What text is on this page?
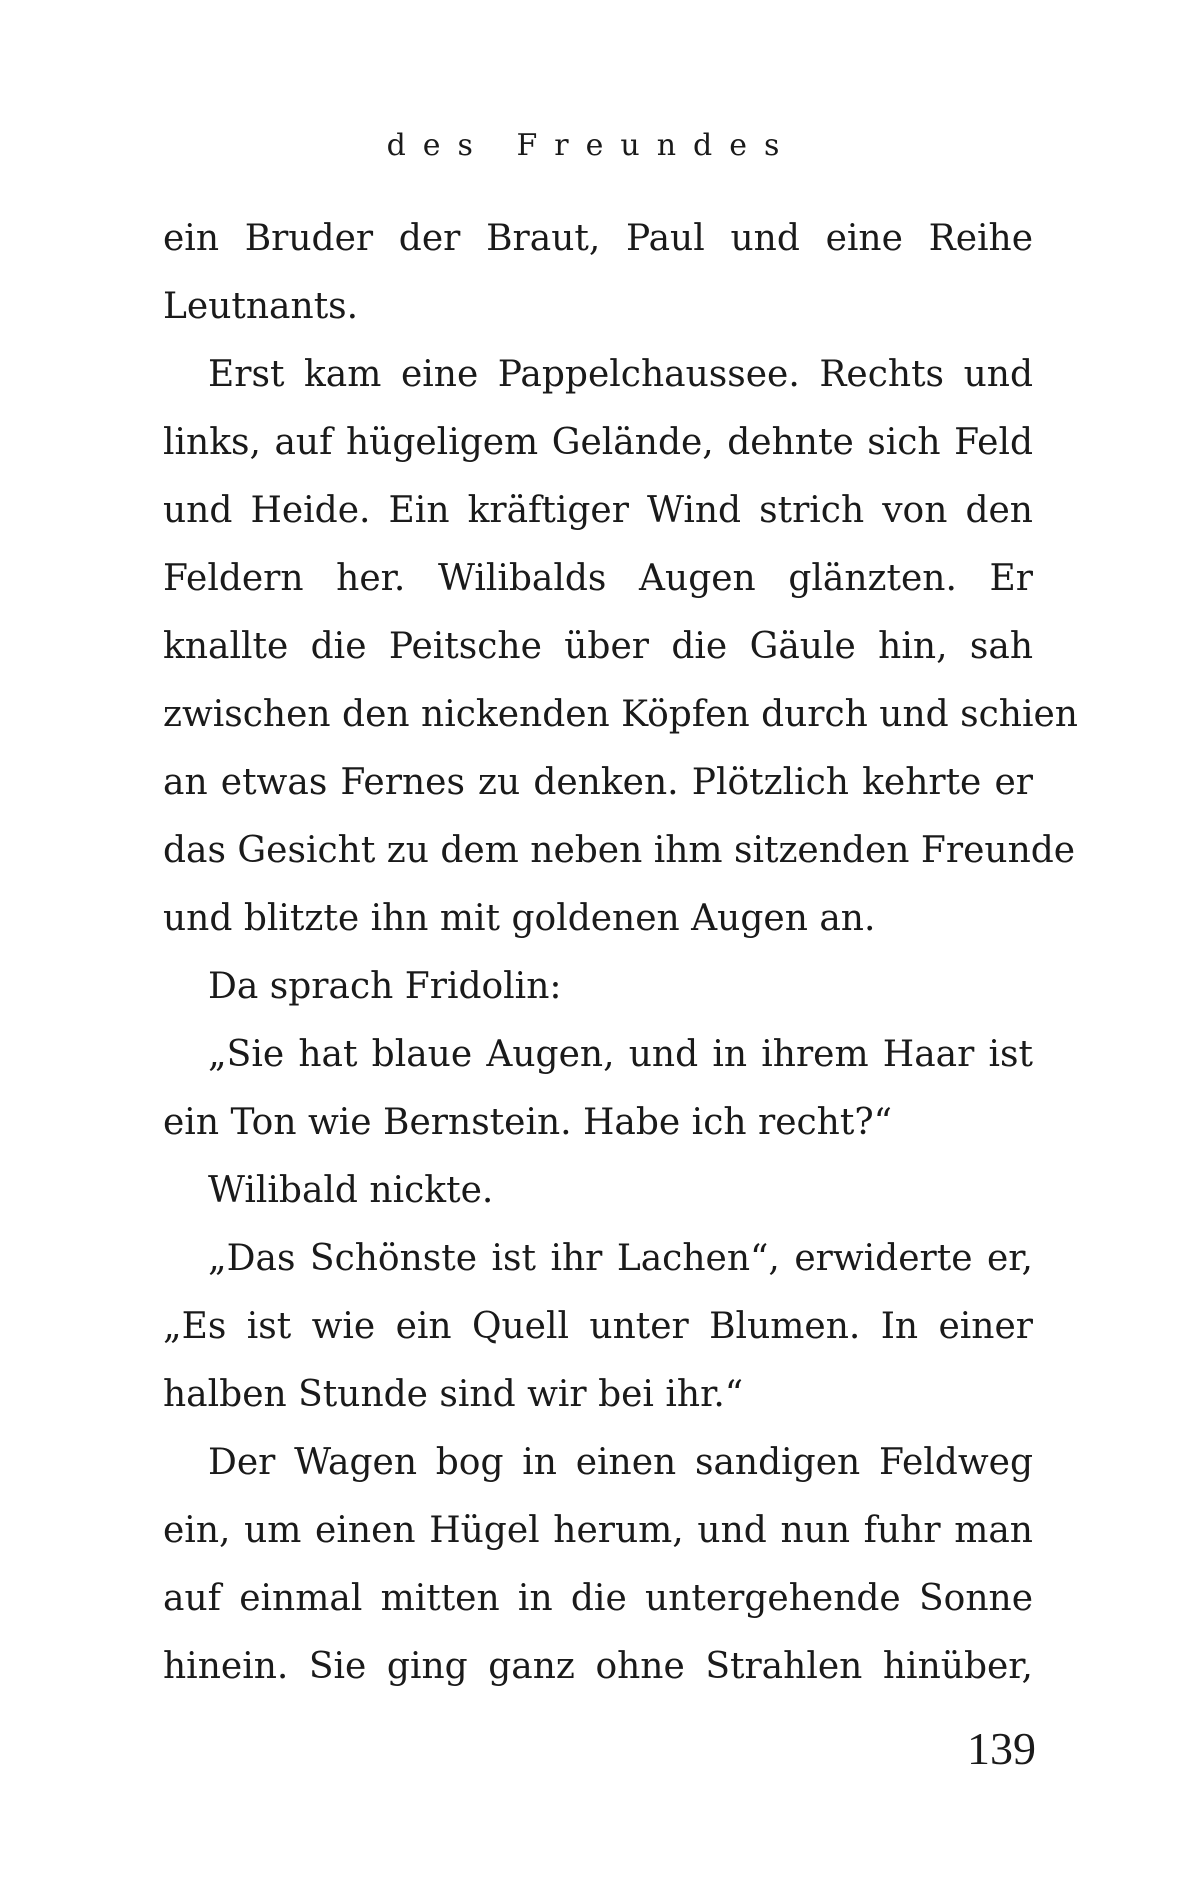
des Freundes
ein Bruder der Braut, Paul und eine Reihe
Leutnants.
Erst kam eine Pappelchaussee. Rechts und
links, auf hügeligem Gelände, dehnte sich Feld
und Heide. Ein kräftiger Wind strich von den
Feldern her. Wilibalds Augen glänzten. Er
knallte die Peitsche über die Gäule hin, sah
zwischen den nickenden Köpfen durch und schien
an etwas Fernes zu denken. Plötzlich kehrte er
das Gesicht zu dem neben ihm sitzenden Freunde
und blitzte ihn mit goldenen Augen an.
Da sprach Fridolin:
„Sie hat blaue Augen, und in ihrem Haar ist
ein Ton wie Bernstein. Habe ich recht?“
Wilibald nickte.
„Das Schönste ist ihr Lachen“, erwiderte er,
„Es ist wie ein Quell unter Blumen. In einer
halben Stunde sind wir bei ihr.“
Der Wagen bog in einen sandigen Feldweg
ein, um einen Hügel herum, und nun fuhr man
auf einmal mitten in die untergehende Sonne
hinein. Sie ging ganz ohne Strahlen hinüber,
139
